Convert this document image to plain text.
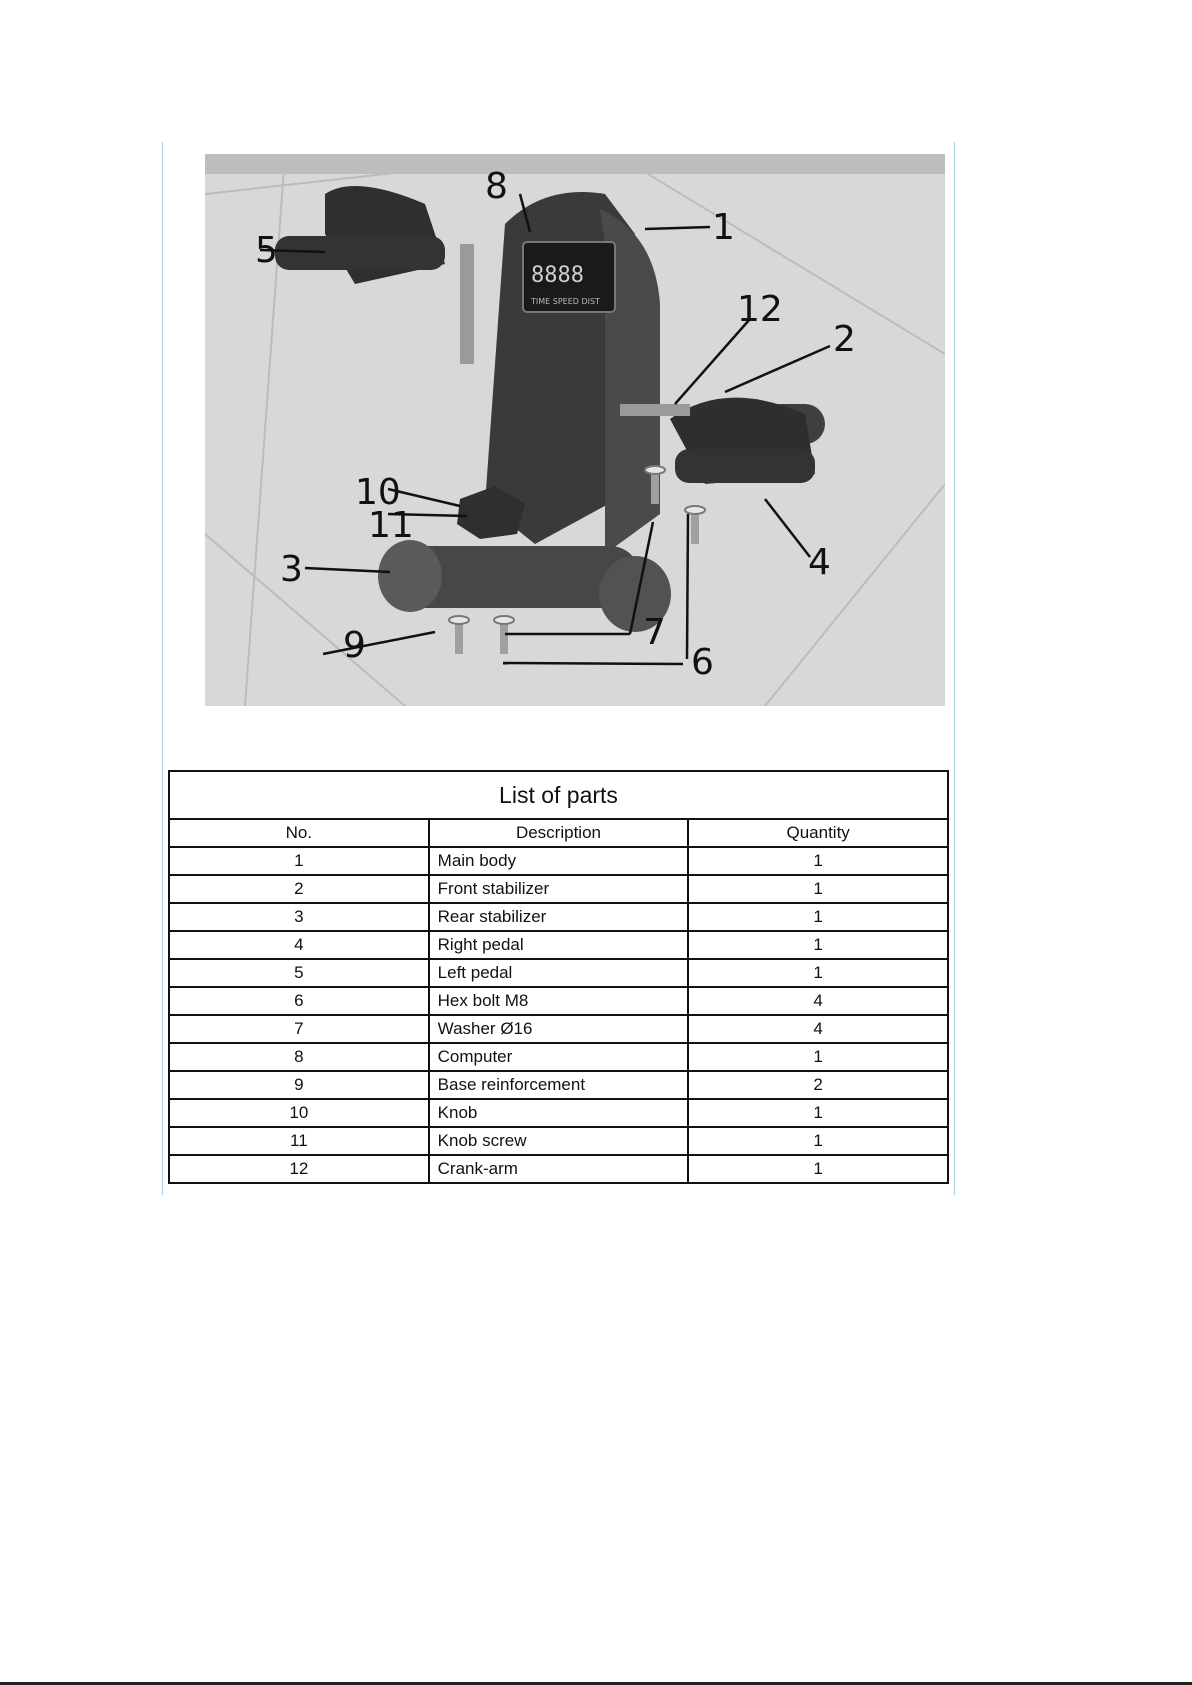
8888
TIME SPEED DIST
1
2
3	4
5
6
7
8
9
10
11
12
List of parts		
No.	Description	Quantity
1	Main body	1
2	Front stabilizer	1
3	Rear stabilizer	1
4	Right pedal	1
5	Left pedal	1
6	Hex bolt M8	4
7	Washer Ø16	4
8	Computer	1
9	Base reinforcement	2
10	Knob	1
11	Knob screw	1
12	Crank-arm	1
